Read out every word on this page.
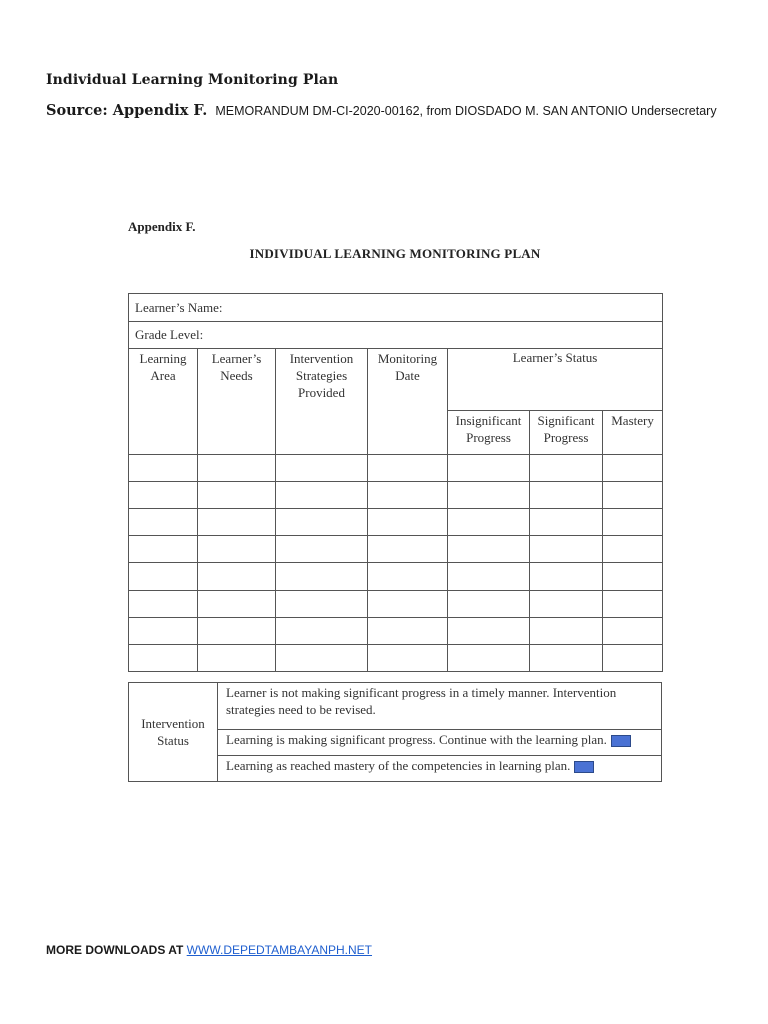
Individual Learning Monitoring Plan
Source: Appendix F. MEMORANDUM DM-CI-2020-00162, from DIOSDADO M. SAN ANTONIO Undersecretary
Appendix F.
INDIVIDUAL LEARNING MONITORING PLAN
Learner’s Name:						
Grade Level:						
Learning Area	Learner’s Needs	Intervention Strategies Provided	Monitoring Date	Learner’s Status		
				Insignificant Progress	Significant Progress	Mastery

Intervention Status	Learner is not making significant progress in a timely manner. Intervention strategies need to be revised.
Learning is making significant progress. Continue with the learning plan.
Learning as reached mastery of the competencies in learning plan.
MORE DOWNLOADS AT WWW.DEPEDTAMBAYANPH.NET
